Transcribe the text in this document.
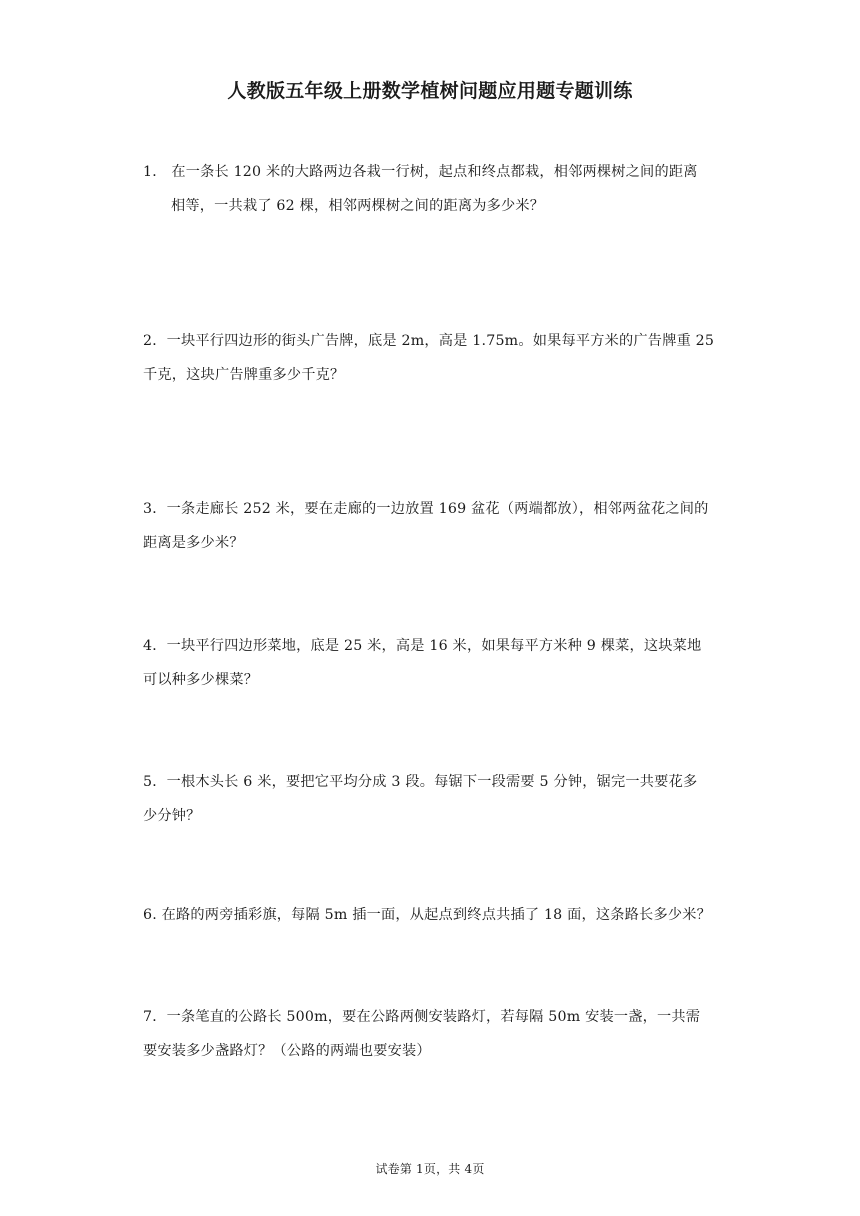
人教版五年级上册数学植树问题应用题专题训练
1． 在一条长 120 米的大路两边各栽一行树，起点和终点都栽，相邻两棵树之间的距离
相等，一共栽了 62 棵，相邻两棵树之间的距离为多少米？
2．一块平行四边形的街头广告牌，底是 2m，高是 1.75m。如果每平方米的广告牌重 25
千克，这块广告牌重多少千克？
3．一条走廊长 252 米，要在走廊的一边放置 169 盆花（两端都放），相邻两盆花之间的
距离是多少米？
4．一块平行四边形菜地，底是 25 米，高是 16 米，如果每平方米种 9 棵菜，这块菜地
可以种多少棵菜？
5．一根木头长 6 米，要把它平均分成 3 段。每锯下一段需要 5 分钟，锯完一共要花多
少分钟？
6. 在路的两旁插彩旗，每隔 5m 插一面，从起点到终点共插了 18 面，这条路长多少米？
7．一条笔直的公路长 500m，要在公路两侧安装路灯，若每隔 50m 安装一盏，一共需
要安装多少盏路灯？（公路的两端也要安装）
试卷第 1页，共 4页
